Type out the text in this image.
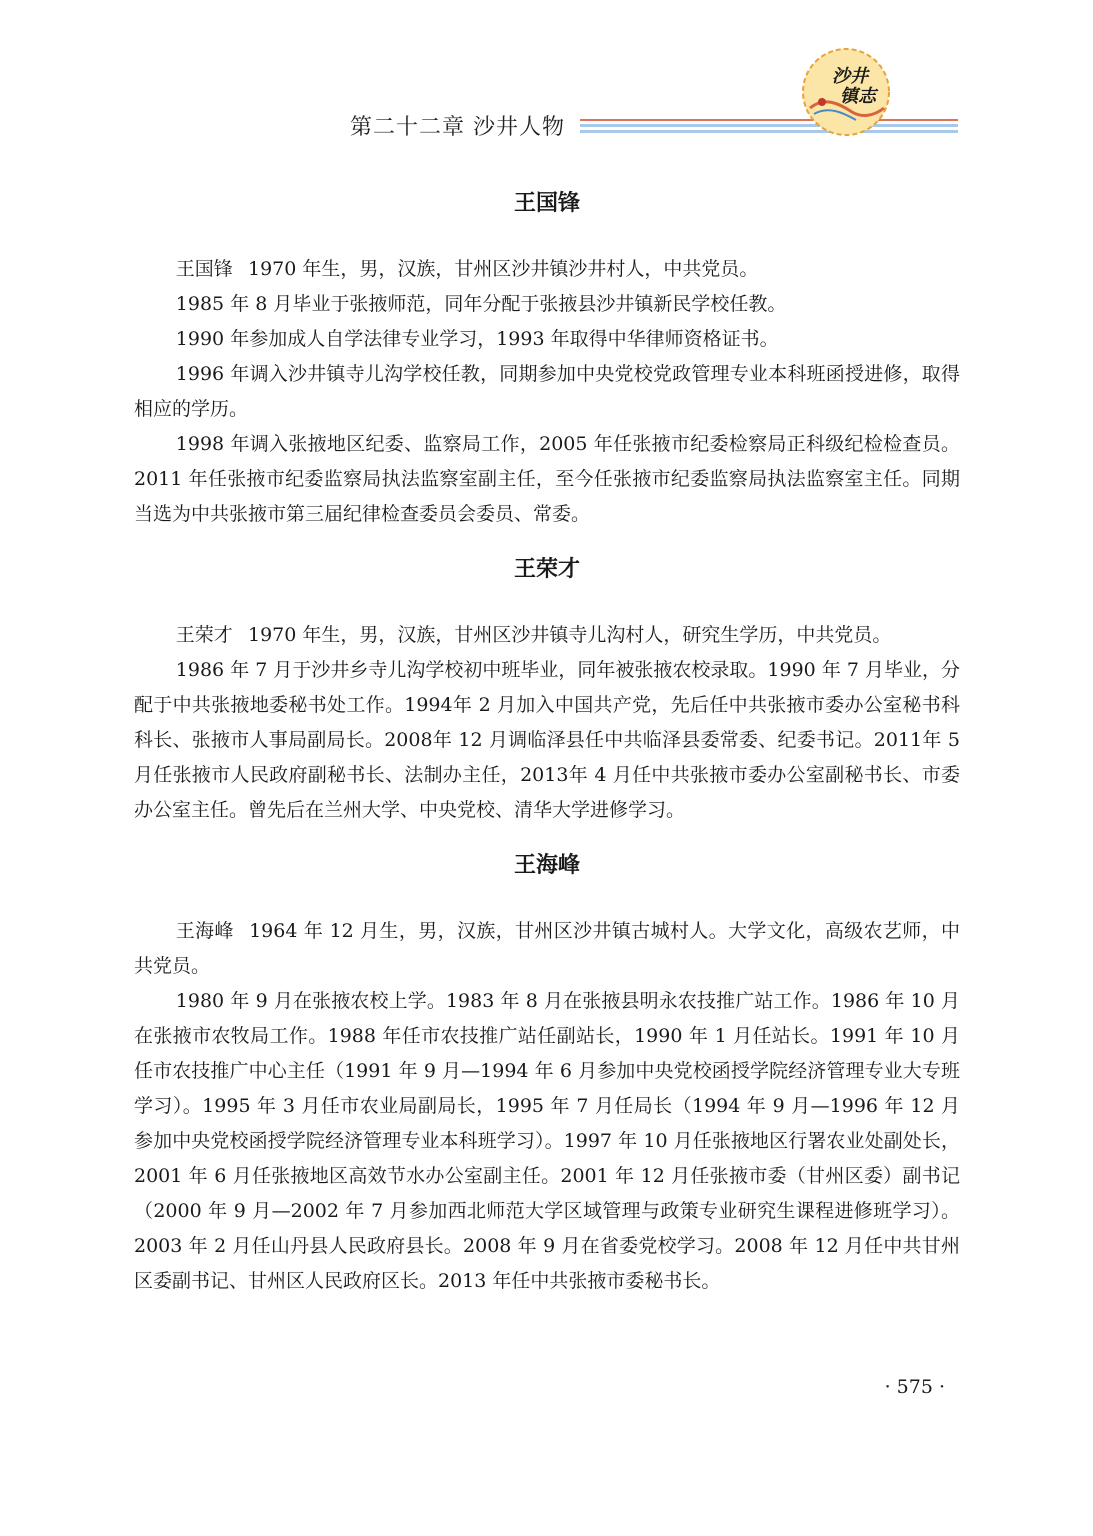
第二十二章 沙井人物
沙井
镇志
王国锋

王国锋 1970 年生，男，汉族，甘州区沙井镇沙井村人，中共党员。

1985 年 8 月毕业于张掖师范，同年分配于张掖县沙井镇新民学校任教。

1990 年参加成人自学法律专业学习，1993 年取得中华律师资格证书。

1996 年调入沙井镇寺儿沟学校任教，同期参加中央党校党政管理专业本科班函授进修，取得相应的学历。

1998 年调入张掖地区纪委、监察局工作，2005 年任张掖市纪委检察局正科级纪检检查员。2011 年任张掖市纪委监察局执法监察室副主任，至今任张掖市纪委监察局执法监察室主任。同期当选为中共张掖市第三届纪律检查委员会委员、常委。

王荣才

王荣才 1970 年生，男，汉族，甘州区沙井镇寺儿沟村人，研究生学历，中共党员。

1986 年 7 月于沙井乡寺儿沟学校初中班毕业，同年被张掖农校录取。1990 年 7 月毕业，分配于中共张掖地委秘书处工作。1994年 2 月加入中国共产党，先后任中共张掖市委办公室秘书科科长、张掖市人事局副局长。2008年 12 月调临泽县任中共临泽县委常委、纪委书记。2011年 5 月任张掖市人民政府副秘书长、法制办主任，2013年 4 月任中共张掖市委办公室副秘书长、市委办公室主任。曾先后在兰州大学、中央党校、清华大学进修学习。

王海峰

王海峰 1964 年 12 月生，男，汉族，甘州区沙井镇古城村人。大学文化，高级农艺师，中共党员。

1980 年 9 月在张掖农校上学。1983 年 8 月在张掖县明永农技推广站工作。1986 年 10 月在张掖市农牧局工作。1988 年任市农技推广站任副站长，1990 年 1 月任站长。1991 年 10 月任市农技推广中心主任（1991 年 9 月—1994 年 6 月参加中央党校函授学院经济管理专业大专班学习）。1995 年 3 月任市农业局副局长，1995 年 7 月任局长（1994 年 9 月—1996 年 12 月参加中央党校函授学院经济管理专业本科班学习）。1997 年 10 月任张掖地区行署农业处副处长，2001 年 6 月任张掖地区高效节水办公室副主任。2001 年 12 月任张掖市委（甘州区委）副书记（2000 年 9 月—2002 年 7 月参加西北师范大学区域管理与政策专业研究生课程进修班学习）。2003 年 2 月任山丹县人民政府县长。2008 年 9 月在省委党校学习。2008 年 12 月任中共甘州区委副书记、甘州区人民政府区长。2013 年任中共张掖市委秘书长。

· 575 ·
